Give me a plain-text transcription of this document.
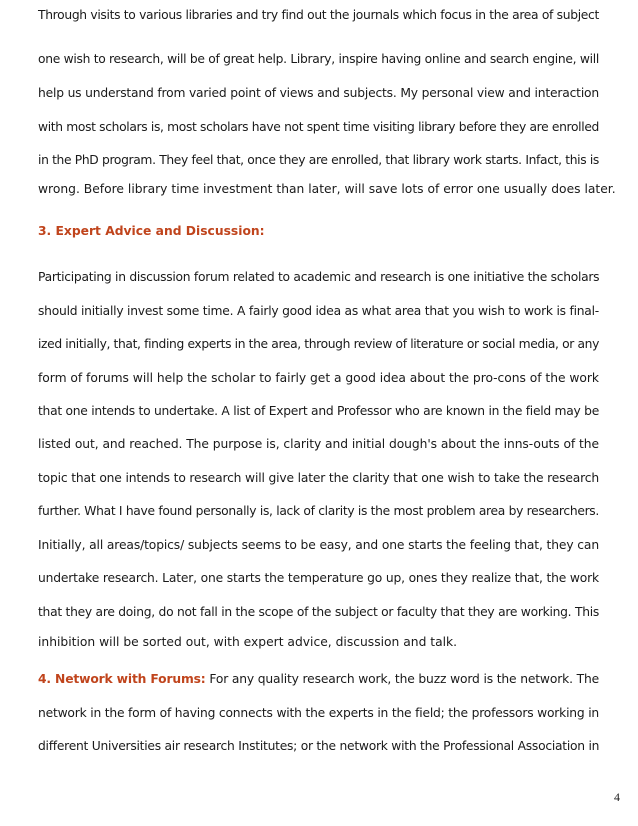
Through visits to various libraries and try find out the journals which focus in the area of subject
one wish to research, will be of great help. Library, inspire having online and search engine, will
help us understand from varied point of views and subjects. My personal view and interaction
with most scholars is, most scholars have not spent time visiting library before they are enrolled
in the PhD program. They feel that, once they are enrolled, that library work starts. Infact, this is
wrong. Before library time investment than later, will save lots of error one usually does later.
3. Expert Advice and Discussion:
Participating in discussion forum related to academic and research is one initiative the scholars
should initially invest some time. A fairly good idea as what area that you wish to work is final-
ized initially, that, finding experts in the area, through review of literature or social media, or any
form of forums will help the scholar to fairly get a good idea about the pro-cons of the work
that one intends to undertake. A list of Expert and Professor who are known in the field may be
listed out, and reached. The purpose is, clarity and initial dough's about the inns-outs of the
topic that one intends to research will give later the clarity that one wish to take the research
further. What I have found personally is, lack of clarity is the most problem area by researchers.
Initially, all areas/topics/ subjects seems to be easy, and one starts the feeling that, they can
undertake research. Later, one starts the temperature go up, ones they realize that, the work
that they are doing, do not fall in the scope of the subject or faculty that they are working. This
inhibition will be sorted out, with expert advice, discussion and talk.
4. Network with Forums: For any quality research work, the buzz word is the network. The
network in the form of having connects with the experts in the field; the professors working in
different Universities air research Institutes; or the network with the Professional Association in
4
